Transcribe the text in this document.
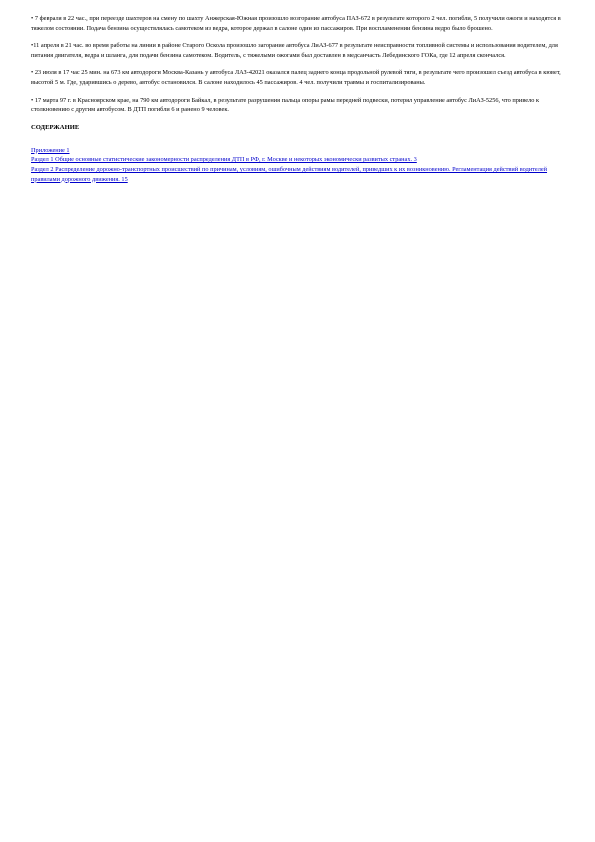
• 7 февраля в 22 час., при переезде шахтеров на смену по шахту Анжерская-Южная произошло возгорание автобуса ПАЗ-672 в результате которого 2 чел. погибли, 5 получили ожоги и находятся в тяжелом состоянии. Подача бензина осуществлялась самотеком из ведра, которое держал в салоне один из пассажиров. При воспламенении бензина ведро было брошено.

•11 апреля в 21 час. во время работы на линии в районе Старого Оскола произошло загорание автобуса ЛиАЗ-677 в результате неисправности топливной системы и использования водителем, для питания двигателя, ведра и шланга, для подачи бензина самотеком. Водитель, с тяжелыми ожогами был доставлен в медсанчасть Лебединского ГОКа, где 12 апреля скончался.

• 23 июля в 17 час 25 мин. на 673 км автодороги Москва-Казань у автобуса ЛАЗ-42021 оказался палец заднего конца продольной рулевой тяги, в результате чего произошел съезд автобуса в кювет, высотой 5 м. Где, ударившись о дерево, автобус остановился. В салоне находилось 45 пассажиров. 4 чел. получили травмы и госпитализированы.

• 17 марта 97 г. в Красноярском крае, на 790 км автодороги Байкал, в результате разрушения пальца опоры рамы передней подвески, потерял управление автобус ЛиАЗ-5256, что привело к столкновению с другим автобусом. В ДТП погибли 6 и ранено 9 человек.

СОДЕРЖАНИЕ
Приложение 1
Раздел 1 Общие основные статистические закономерности распределения ДТП в РФ, г. Москве и некоторых экономически развитых странах. 3
Раздел 2 Распределение дорожно-транспортных происшествий по причинам, условиям, ошибочным действиям водителей, приведших к их возникновению. Регламентация действий водителей правилами дорожного движения. 15
